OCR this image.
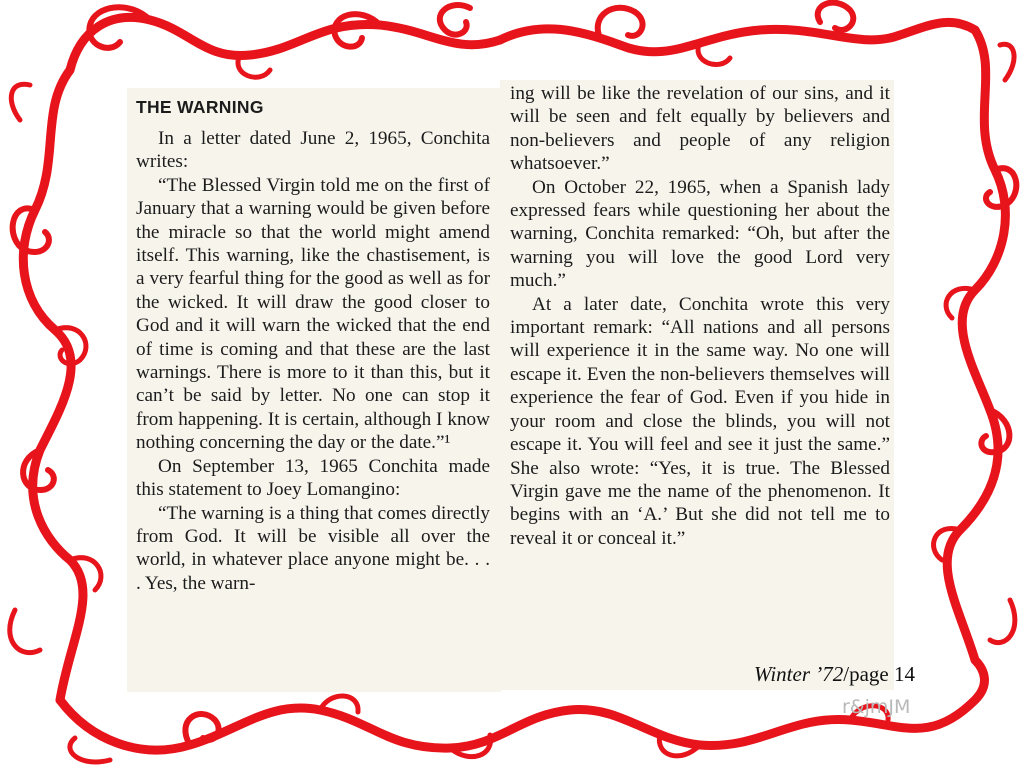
THE WARNING

In a letter dated June 2, 1965, Conchita writes:

“The Blessed Virgin told me on the first of January that a warning would be given before the miracle so that the world might amend itself. This warning, like the chastisement, is a very fearful thing for the good as well as for the wicked. It will draw the good closer to God and it will warn the wicked that the end of time is coming and that these are the last warnings. There is more to it than this, but it can’t be said by letter. No one can stop it from happening. It is certain, although I know nothing concerning the day or the date.”¹

On September 13, 1965 Conchita made this statement to Joey Lomangino:

“The warning is a thing that comes directly from God. It will be visible all over the world, in whatever place anyone might be. . . . Yes, the warn-

ing will be like the revelation of our sins, and it will be seen and felt equally by believers and non-believers and people of any religion whatsoever.”

On October 22, 1965, when a Spanish lady expressed fears while questioning her about the warning, Conchita remarked: “Oh, but after the warning you will love the good Lord very much.”

At a later date, Conchita wrote this very important remark: “All nations and all persons will experience it in the same way. No one will escape it. Even the non-believers themselves will experience the fear of God. Even if you hide in your room and close the blinds, you will not escape it. You will feel and see it just the same.” She also wrote: “Yes, it is true. The Blessed Virgin gave me the name of the phenomenon. It begins with an ‘A.’ But she did not tell me to reveal it or conceal it.”

Winter ’72/page 14
r&jmJM
